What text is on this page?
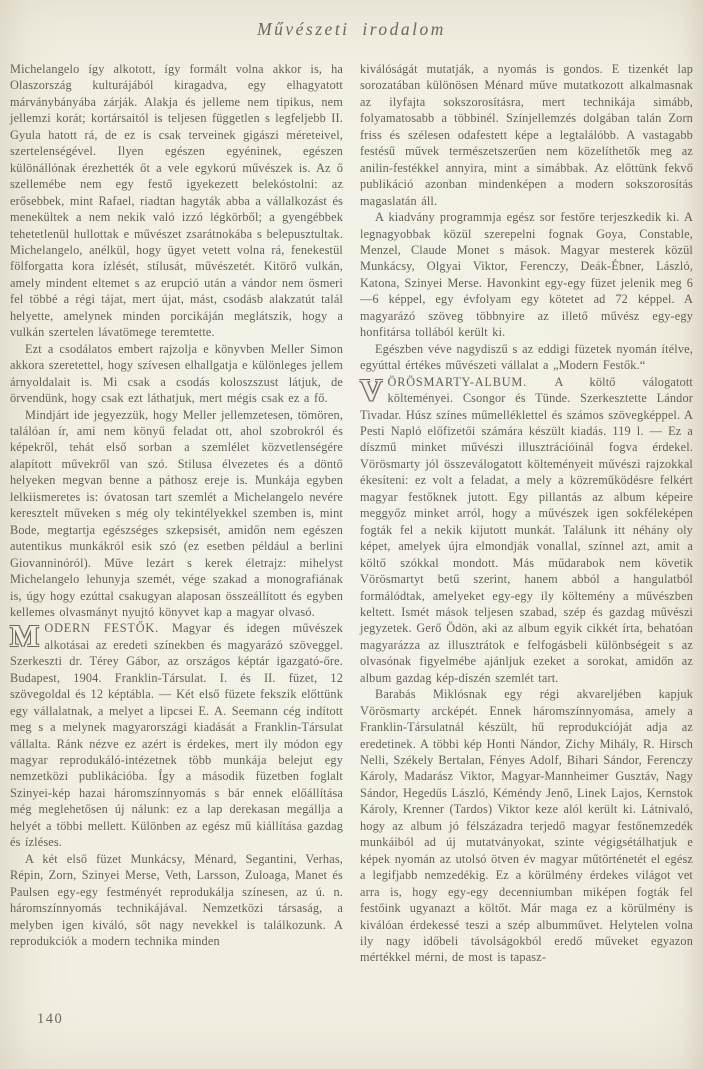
Művészeti irodalom

Michelangelo így alkotott, így formált volna akkor is, ha Olaszország kulturájából kiragadva, egy elhagyatott márványbányába zárják. Alakja és jelleme nem tipikus, nem jellemzi korát; kortársaitól is teljesen független s legfeljebb II. Gyula hatott rá, de ez is csak terveinek gigászi méreteivel, szertelenségével. Ilyen egészen egyéninek, egészen különállónak érezhették őt a vele egykorú művészek is. Az ő szellemébe nem egy festő igyekezett belekóstolni: az erősebbek, mint Rafael, riadtan hagyták abba a vállalkozást és menekültek a nem nekik való izzó légkörből; a gyengébbek tehetetlenül hullottak e művészet zsarátnokába s belepusztultak. Michelangelo, anélkül, hogy ügyet vetett volna rá, fenekestül fölforgatta kora ízlését, stílusát, művészetét. Kitörő vulkán, amely mindent eltemet s az erupció után a vándor nem ösmeri fel többé a régi tájat, mert újat, mást, csodásb alakzatút talál helyette, amelynek minden porcikáján meglátszik, hogy a vulkán szertelen lávatömege teremtette.

Ezt a csodálatos embert rajzolja e könyvben Meller Simon akkora szeretettel, hogy szívesen elhallgatja e különleges jellem árnyoldalait is. Mi csak a csodás koloszszust látjuk, de örvendünk, hogy csak ezt láthatjuk, mert mégis csak ez a fő.

Mindjárt ide jegyezzük, hogy Meller jellemzetesen, tömören, találóan ír, ami nem könyű feladat ott, ahol szobrokról és képekről, tehát első sorban a szemlélet közvetlenségére alapított művekről van szó. Stilusa élvezetes és a döntő helyeken megvan benne a páthosz ereje is. Munkája egyben lelkiismeretes is: óvatosan tart szemlét a Michelangelo nevére keresztelt műveken s még oly tekintélyekkel szemben is, mint Bode, megtartja egészséges szkepsisét, amidőn nem egészen autentikus munkákról esik szó (ez esetben például a berlini Giovanninóról). Műve lezárt s kerek életrajz: mihelyst Michelangelo lehunyja szemét, vége szakad a monografiának is, úgy hogy ezúttal csakugyan alaposan összeállított és egyben kellemes olvasmányt nyujtó könyvet kap a magyar olvasó.

MODERN FESTŐK. Magyar és idegen művészek alkotásai az eredeti színekben és magyarázó szöveggel. Szerkeszti dr. Térey Gábor, az országos képtár igazgató-őre. Budapest, 1904. Franklin-Társulat. I. és II. füzet, 12 szövegoldal és 12 képtábla. — Két első füzete fekszik előttünk egy vállalatnak, a melyet a lipcsei E. A. Seemann cég indított meg s a melynek magyarországi kiadását a Franklin-Társulat vállalta. Ránk nézve ez azért is érdekes, mert ily módon egy magyar reprodukáló-intézetnek több munkája belejut egy nemzetközi publikációba. Így a második füzetben foglalt Szinyei-kép hazai háromszínnyomás s bár ennek előállítása még meglehetősen új nálunk: ez a lap derekasan megállja a helyét a többi mellett. Különben az egész mű kiállítása gazdag és ízléses.

A két első füzet Munkácsy, Ménard, Segantini, Verhas, Répin, Zorn, Szinyei Merse, Veth, Larsson, Zuloaga, Manet és Paulsen egy-egy festményét reprodukálja színesen, az ú. n. háromszínnyomás technikájával. Nemzetközi társaság, a melyben igen kiváló, sőt nagy nevekkel is találkozunk. A reprodukciók a modern technika minden

kiválóságát mutatják, a nyomás is gondos. E tizenkét lap sorozatában különösen Ménard műve mutatkozott alkalmasnak az ilyfajta sokszorosításra, mert technikája simább, folyamatosabb a többinél. Színjellemzés dolgában talán Zorn friss és szélesen odafestett képe a legtalálóbb. A vastagabb festésű művek természetszerűen nem közelíthetők meg az anilin-festékkel annyira, mint a simábbak. Az előttünk fekvő publikáció azonban mindenképen a modern sokszorosítás magaslatán áll.

A kiadvány programmja egész sor festőre terjeszkedik ki. A legnagyobbak közül szerepelni fognak Goya, Constable, Menzel, Claude Monet s mások. Magyar mesterek közül Munkácsy, Olgyai Viktor, Ferenczy, Deák-Ébner, László, Katona, Szinyei Merse. Havonkint egy-egy füzet jelenik meg 6—6 képpel, egy évfolyam egy kötetet ad 72 képpel. A magyarázó szöveg többnyire az illető művész egy-egy honfitársa tollából került ki.

Egészben véve nagydiszű s az eddigi füzetek nyomán ítélve, egyúttal értékes művészeti vállalat a „Modern Festők.“

VÖRÖSMARTY-ALBUM. A költő válogatott költeményei. Csongor és Tünde. Szerkesztette Lándor Tivadar. Húsz színes műmelléklettel és számos szövegképpel. A Pesti Napló előfizetői számára készült kiadás. 119 l. — Ez a díszmű minket művészi illusztrációinál fogva érdekel. Vörösmarty jól összeválogatott költeményeit művészi rajzokkal ékesíteni: ez volt a feladat, a mely a közreműködésre felkért magyar festőknek jutott. Egy pillantás az album képeire meggyőz minket arról, hogy a művészek igen sokféleképen fogták fel a nekik kijutott munkát. Találunk itt néhány oly képet, amelyek újra elmondják vonallal, színnel azt, amit a költő szókkal mondott. Más műdarabok nem követik Vörösmartyt betű szerint, hanem abból a hangulatból formálódtak, amelyeket egy-egy ily költemény a művészben keltett. Ismét mások teljesen szabad, szép és gazdag művészi jegyzetek. Gerő Ödön, aki az album egyik cikkét írta, behatóan magyarázza az illusztrátok e felfogásbeli különbségeit s az olvasónak figyelmébe ajánljuk ezeket a sorokat, amidőn az album gazdag kép-díszén szemlét tart.

Barabás Miklósnak egy régi akvareljében kapjuk Vörösmarty arcképét. Ennek háromszínnyomása, amely a Franklin-Társulatnál készült, hű reprodukcióját adja az eredetinek. A többi kép Honti Nándor, Zichy Mihály, R. Hirsch Nelli, Székely Bertalan, Fényes Adolf, Bihari Sándor, Ferenczy Károly, Madarász Viktor, Magyar-Mannheimer Gusztáv, Nagy Sándor, Hegedűs László, Kéméndy Jenő, Linek Lajos, Kernstok Károly, Krenner (Tardos) Viktor keze alól került ki. Látnivaló, hogy az album jó félszázadra terjedő magyar festőnemzedék munkáiból ad új mutatványokat, szinte végigsétálhatjuk e képek nyomán az utolsó ötven év magyar műtörténetét el egész a legifjabb nemzedékig. Ez a körülmény érdekes világot vet arra is, hogy egy-egy decenniumban miképen fogták fel festőink ugyanazt a költőt. Már maga ez a körülmény is kiválóan érdekessé teszi a szép albumművet. Helytelen volna ily nagy időbeli távolságokból eredő műveket egyazon mértékkel mérni, de most is tapasz-

140
